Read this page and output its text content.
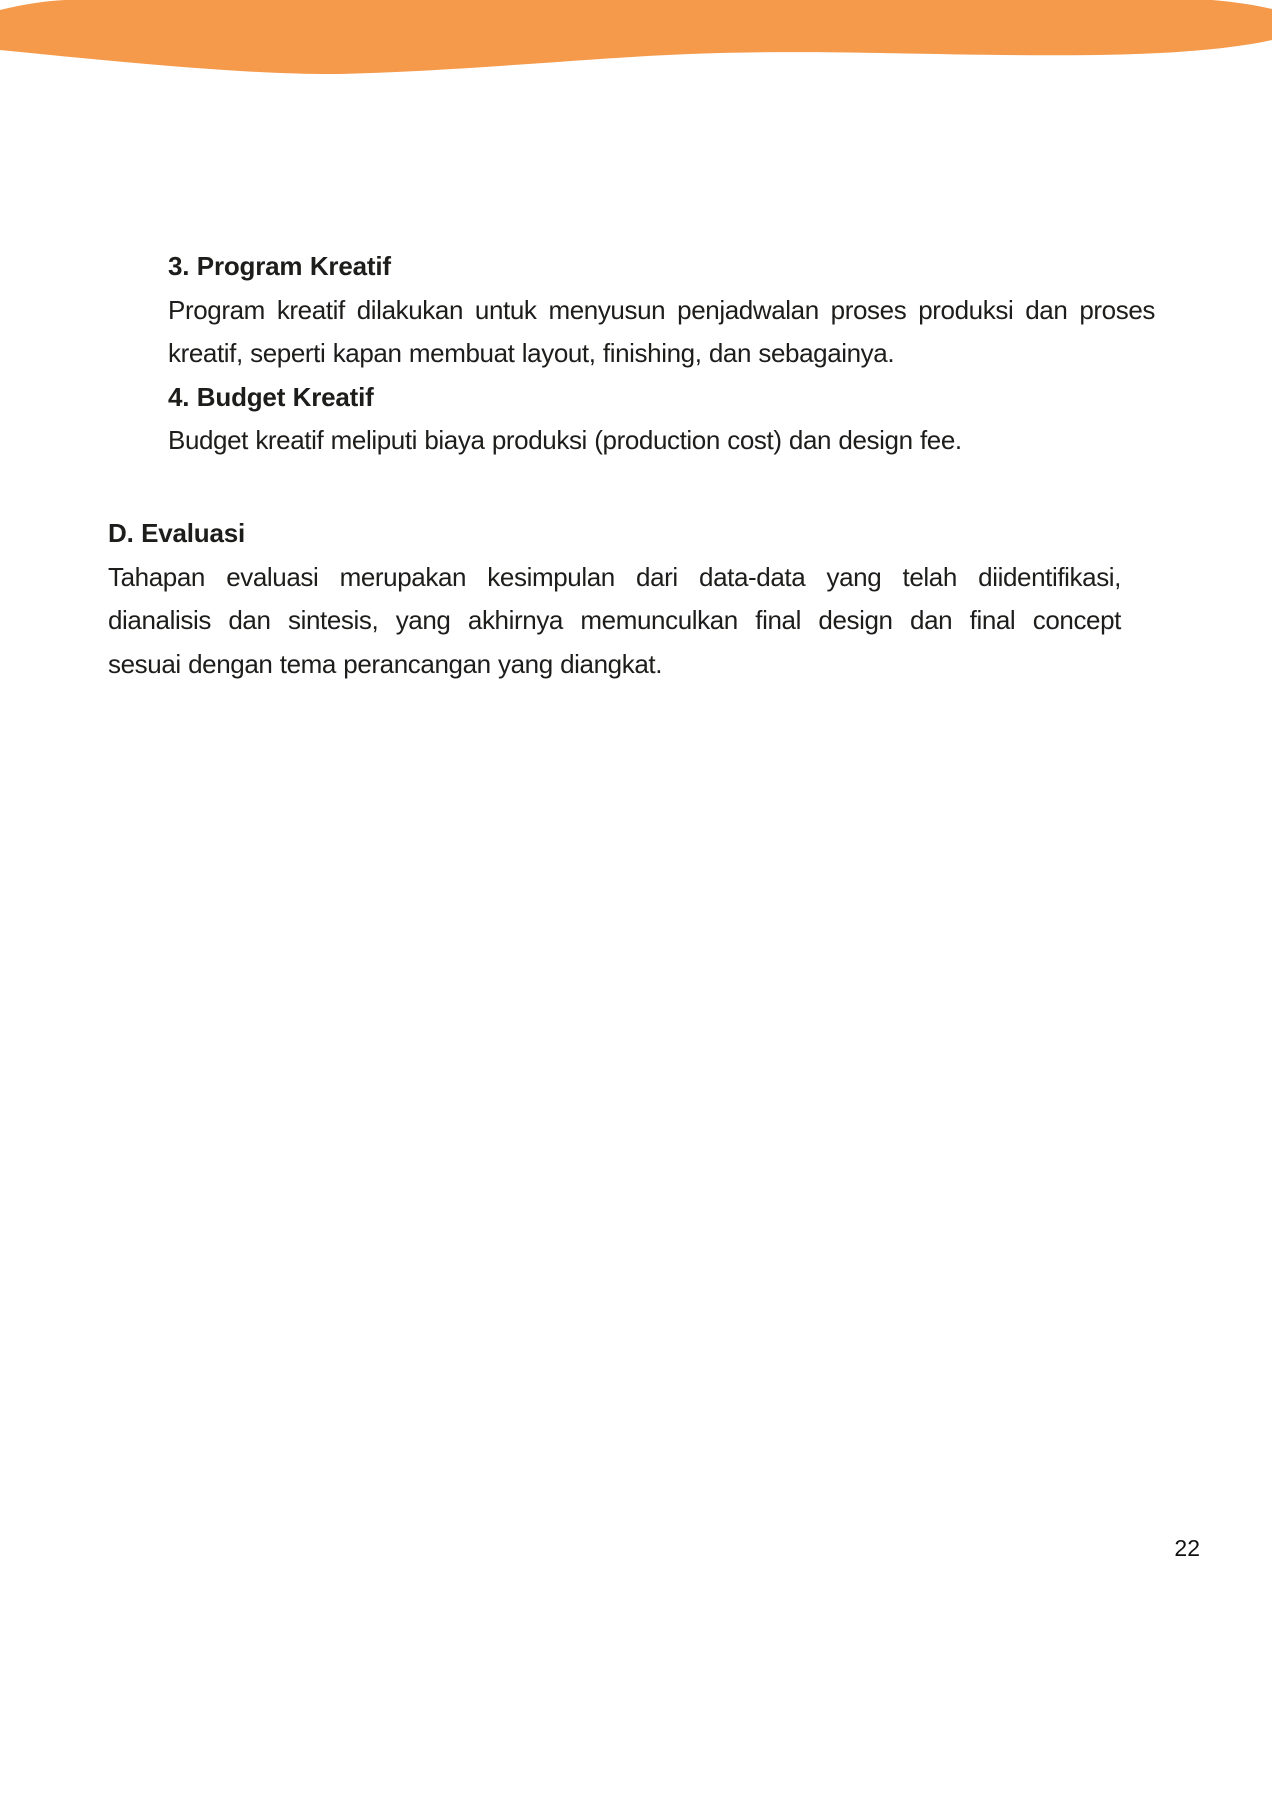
3. Program Kreatif
Program kreatif dilakukan untuk menyusun penjadwalan proses produksi dan proses
kreatif, seperti kapan membuat layout, finishing, dan sebagainya.
4. Budget Kreatif
Budget kreatif meliputi biaya produksi (production cost) dan design fee.
D. Evaluasi
Tahapan evaluasi merupakan kesimpulan dari data-data yang telah diidentifikasi,
dianalisis dan sintesis, yang akhirnya memunculkan final design dan final concept
sesuai dengan tema perancangan yang diangkat.
22
